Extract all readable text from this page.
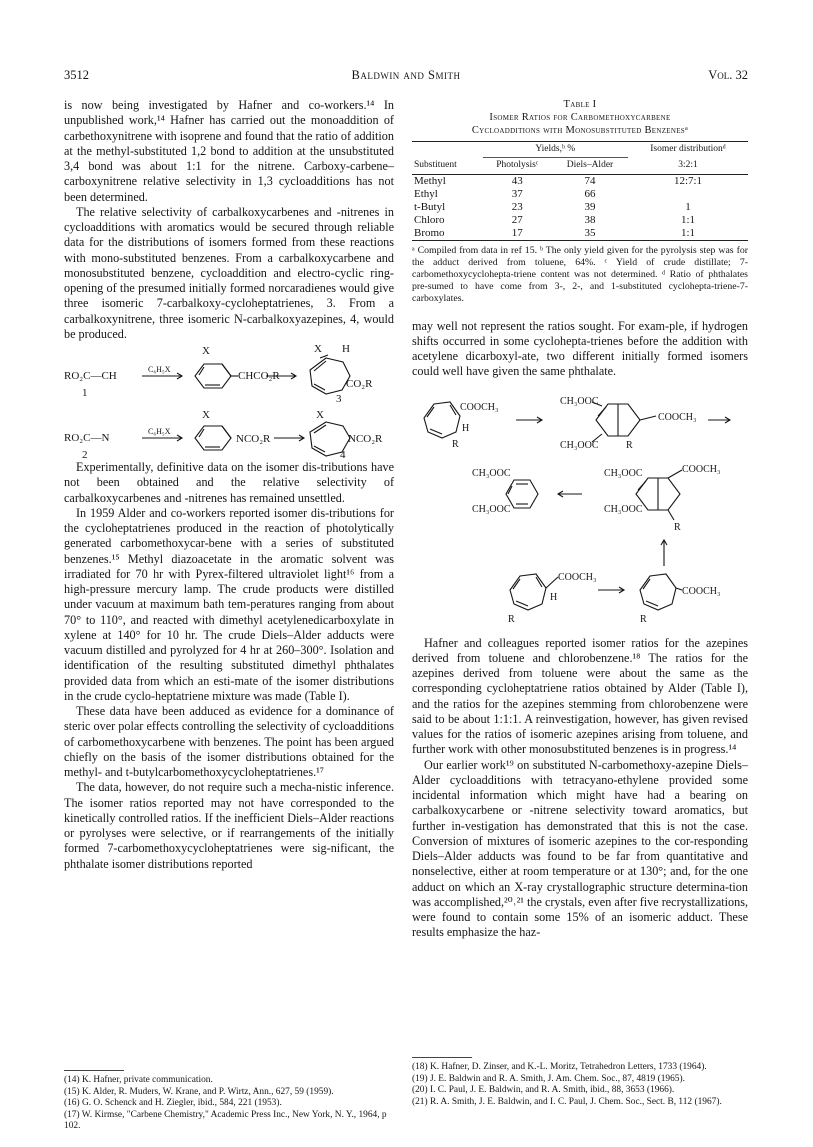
3512	Baldwin and Smith	Vol. 32

is now being investigated by Hafner and co-workers.¹⁴ In unpublished work,¹⁴ Hafner has carried out the monoaddition of carbethoxynitrene with isoprene and found that the ratio of addition at the methyl-substituted 1,2 bond to addition at the unsubstituted 3,4 bond was about 1:1 for the nitrene. Carboxy-carbene–carboxynitrene relative selectivity in 1,3 cycloadditions has not been determined.

The relative selectivity of carbalkoxycarbenes and -nitrenes in cycloadditions with aromatics would be secured through reliable data for the distributions of isomers formed from these reactions with mono-substituted benzenes. From a carbalkoxycarbene and monosubstituted benzene, cycloaddition and electro-cyclic ring-opening of the presumed initially formed norcaradienes would give three isomeric 7-carbalkoxy-cycloheptatrienes, 3. From a carbalkoxynitrene, three isomeric N-carbalkoxyazepines, 4, would be produced.

RO₂C—CH
1
C₆H₅X
X
CHCO₂R
X H
CO₂R
3
RO₂C—N
2
C₆H₅X
X
NCO₂R
X
NCO₂R
4

Experimentally, definitive data on the isomer dis-tributions have not been obtained and the relative selectivity of carbalkoxycarbenes and -nitrenes has remained unsettled.

In 1959 Alder and co-workers reported isomer dis-tributions for the cycloheptatrienes produced in the reaction of photolytically generated carbomethoxycar-bene with a series of substituted benzenes.¹⁵ Methyl diazoacetate in the aromatic solvent was irradiated for 70 hr with Pyrex-filtered ultraviolet light¹⁶ from a high-pressure mercury lamp. The crude products were distilled under vacuum at maximum bath tem-peratures ranging from about 70° to 110°, and reacted with dimethyl acetylenedicarboxylate in xylene at 140° for 10 hr. The crude Diels–Alder adducts were vacuum distilled and pyrolyzed for 4 hr at 260–300°. Isolation and identification of the resulting substituted dimethyl phthalates provided data from which an esti-mate of the isomer distributions in the crude cyclo-heptatriene mixture was made (Table I).

These data have been adduced as evidence for a dominance of steric over polar effects controlling the selectivity of cycloadditions of carbomethoxycarbene with benzenes. The point has been argued chiefly on the basis of the isomer distributions obtained for the methyl- and t-butylcarbomethoxycycloheptatrienes.¹⁷

The data, however, do not require such a mecha-nistic inference. The isomer ratios reported may not have corresponded to the kinetically controlled ratios. If the inefficient Diels–Alder reactions or pyrolyses were selective, or if rearrangements of the initially formed 7-carbomethoxycycloheptatrienes were sig-nificant, the phthalate isomer distributions reported

(14) K. Hafner, private communication.
(15) K. Alder, R. Muders, W. Krane, and P. Wirtz, Ann., 627, 59 (1959).
(16) G. O. Schenck and H. Ziegler, ibid., 584, 221 (1953).
(17) W. Kirmse, "Carbene Chemistry," Academic Press Inc., New York, N. Y., 1964, p 102.
Table I
Isomer Ratios for Carbomethoxycarbene
Cycloadditions with Monosubstituted Benzenesᵃ
	Yields,ᵇ %		Isomer distributionᵈ
Substituent	Photolysisᶜ	Diels–Alder	3:2:1
Methyl	43	74	12:7:1
Ethyl	37	66	
t-Butyl	23	39	1
Chloro	27	38	1:1
Bromo	17	35	1:1
ᵃ Compiled from data in ref 15. ᵇ The only yield given for the pyrolysis step was for the adduct derived from toluene, 64%. ᶜ Yield of crude distillate; 7-carbomethoxycyclohepta-triene content was not determined. ᵈ Ratio of phthalates pre-sumed to have come from 3-, 2-, and 1-substituted cyclohepta-triene-7-carboxylates.

may well not represent the ratios sought. For exam-ple, if hydrogen shifts occurred in some cyclohepta-trienes before the addition with acetylene dicarboxyl-ate, two different initially formed isomers could well have given the same phthalate.

COOCH₃
H
R
CH₃OOC
CH₃OOC
COOCH₃
R
CH₃OOC
CH₃OOC
CH₃OOC	COOCH₃
CH₃OOC
R
COOCH₃
H
R
COOCH₃
R

Hafner and colleagues reported isomer ratios for the azepines derived from toluene and chlorobenzene.¹⁸ The ratios for the azepines derived from toluene were about the same as the corresponding cycloheptatriene ratios obtained by Alder (Table I), and the ratios for the azepines stemming from chlorobenzene were said to be about 1:1:1. A reinvestigation, however, has given revised values for the ratios of isomeric azepines arising from toluene, and further work with other monosubstituted benzenes is in progress.¹⁴

Our earlier work¹⁹ on substituted N-carbomethoxy-azepine Diels–Alder cycloadditions with tetracyano-ethylene provided some incidental information which might have had a bearing on carbalkoxycarbene or -nitrene selectivity toward aromatics, but further in-vestigation has demonstrated that this is not the case. Conversion of mixtures of isomeric azepines to the cor-responding Diels–Alder adducts was found to be far from quantitative and nonselective, either at room temperature or at 130°; and, for the one adduct on which an X-ray crystallographic structure determina-tion was accomplished,²⁰˒²¹ the crystals, even after five recrystallizations, were found to contain some 15% of an isomeric adduct. These results emphasize the haz-

(18) K. Hafner, D. Zinser, and K.-L. Moritz, Tetrahedron Letters, 1733 (1964).
(19) J. E. Baldwin and R. A. Smith, J. Am. Chem. Soc., 87, 4819 (1965).
(20) I. C. Paul, J. E. Baldwin, and R. A. Smith, ibid., 88, 3653 (1966).
(21) R. A. Smith, J. E. Baldwin, and I. C. Paul, J. Chem. Soc., Sect. B, 112 (1967).
